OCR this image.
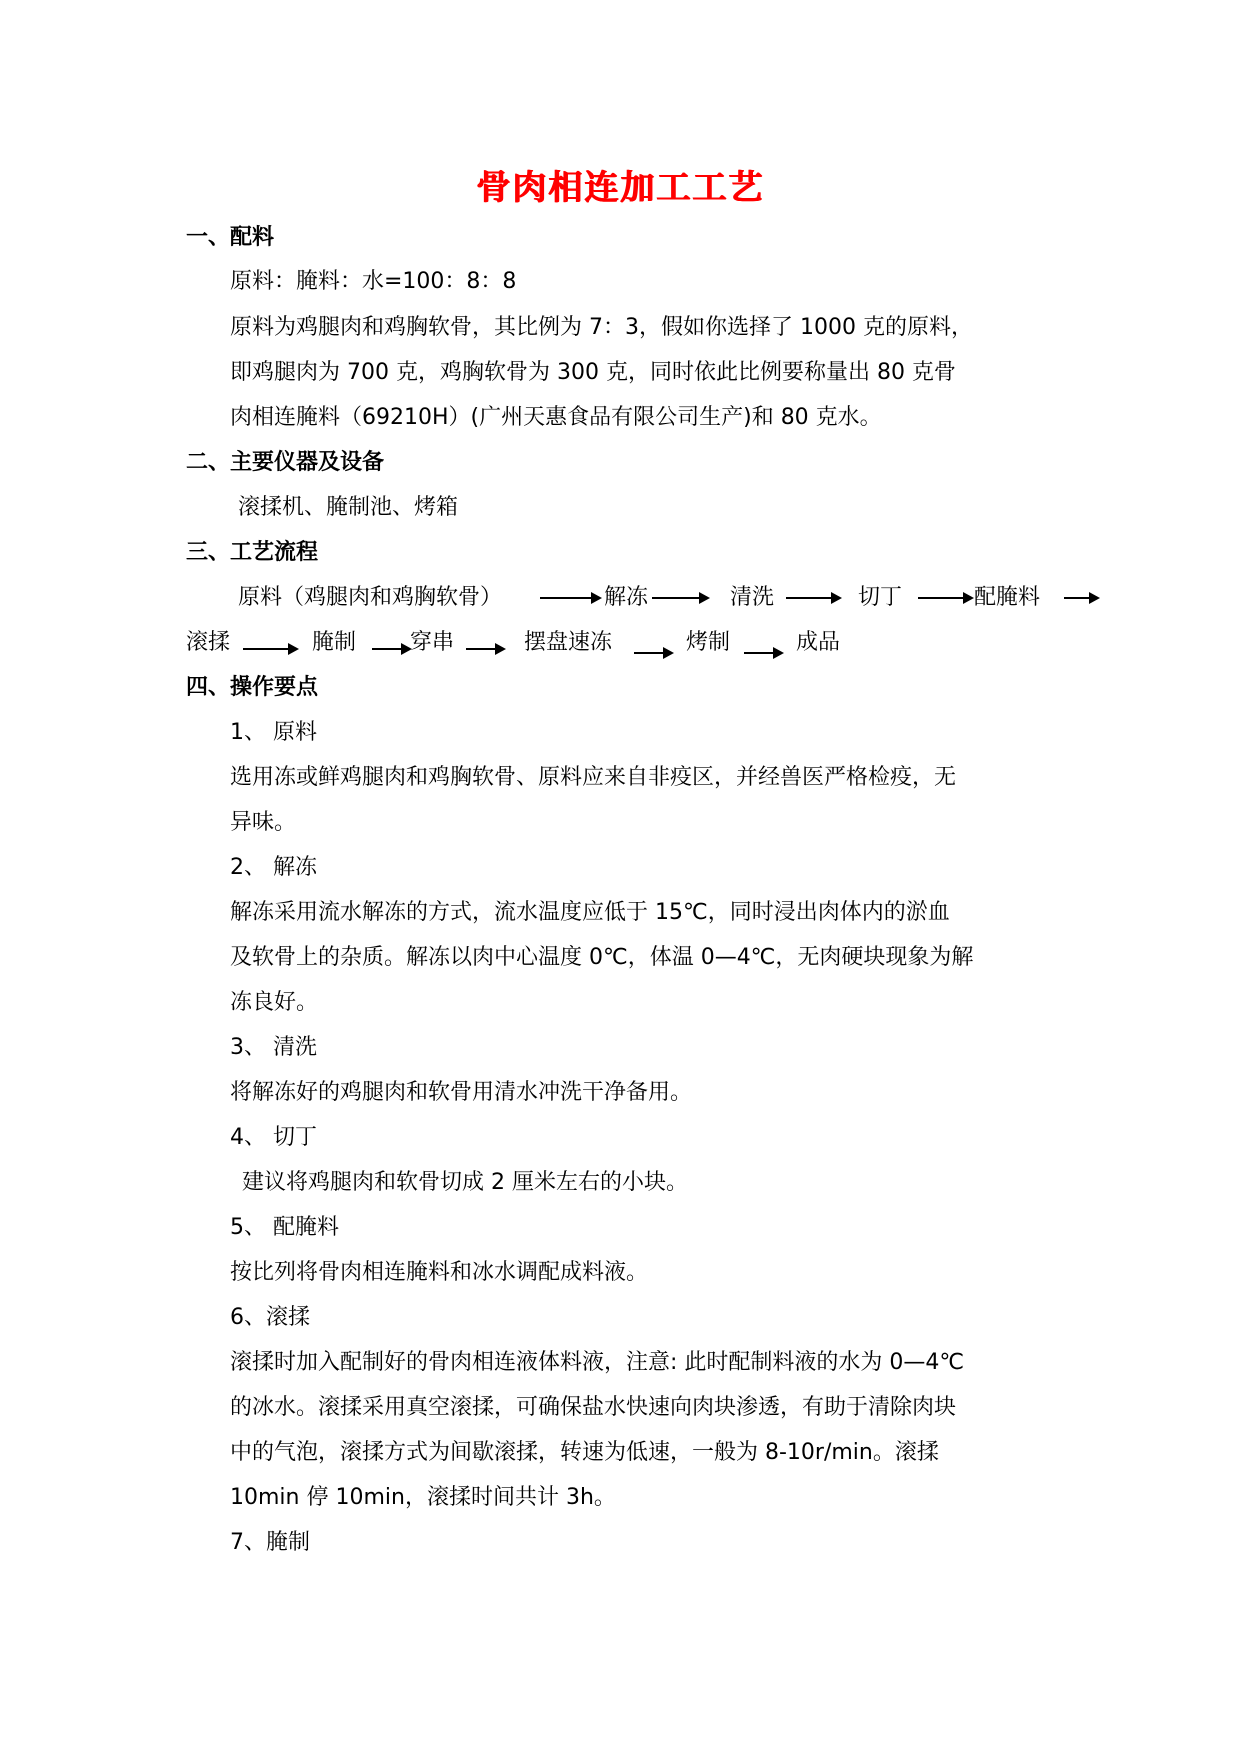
骨肉相连加工工艺
一、配料
原料：腌料：水=100：8：8
原料为鸡腿肉和鸡胸软骨，其比例为 7：3，假如你选择了 1000 克的原料，
即鸡腿肉为 700 克，鸡胸软骨为 300 克，同时依此比例要称量出 80 克骨
肉相连腌料（69210H）(广州天惠食品有限公司生产)和 80 克水。
二、主要仪器及设备
滚揉机、腌制池、烤箱
三、工艺流程
原料（鸡腿肉和鸡胸软骨）	解冻	清洗	切丁	配腌料
滚揉	腌制 穿串	摆盘速冻	烤制	成品
四、操作要点
1、 原料
选用冻或鲜鸡腿肉和鸡胸软骨、原料应来自非疫区，并经兽医严格检疫，无
异味。
2、 解冻
解冻采用流水解冻的方式，流水温度应低于 15℃，同时浸出肉体内的淤血
及软骨上的杂质。解冻以肉中心温度 0℃，体温 0—4℃，无肉硬块现象为解
冻良好。
3、 清洗
将解冻好的鸡腿肉和软骨用清水冲洗干净备用。
4、 切丁
建议将鸡腿肉和软骨切成 2 厘米左右的小块。
5、 配腌料
按比列将骨肉相连腌料和冰水调配成料液。
6、滚揉
滚揉时加入配制好的骨肉相连液体料液，注意: 此时配制料液的水为 0—4℃
的冰水。滚揉采用真空滚揉，可确保盐水快速向肉块渗透，有助于清除肉块
中的气泡，滚揉方式为间歇滚揉，转速为低速，一般为 8-10r/min。滚揉
10min 停 10min，滚揉时间共计 3h。
7、腌制
